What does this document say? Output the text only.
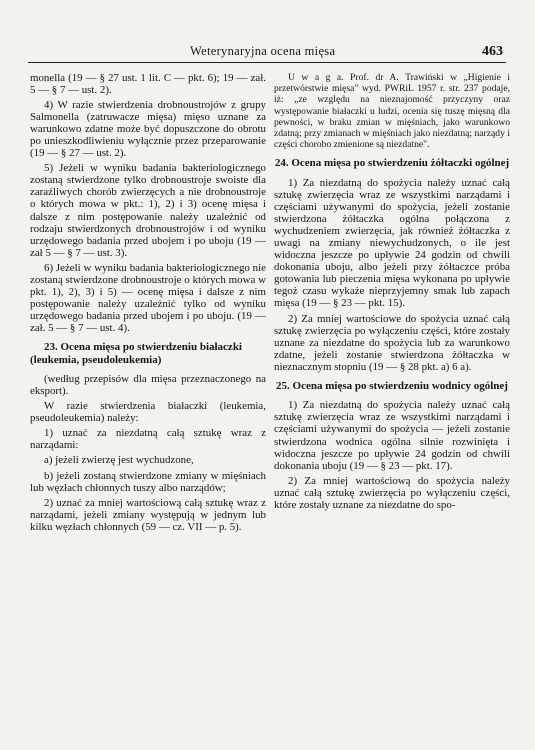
Weterynaryjna ocena mięsa	463

monella (19 — § 27 ust. 1 lit. C — pkt. 6); 19 — zał. 5 — § 7 — ust. 2).

4) W razie stwierdzenia drobnoustrojów z grupy Salmonella (zatruwacze mięsa) mięso uznane za warunkowo zdatne może być dopuszczone do obrotu po unieszkodliwieniu wyłącznie przez przeparowanie (19 — § 27 — ust. 2).

5) Jeżeli w wyniku badania bakteriologicznego zostaną stwierdzone tylko drobnoustroje swoiste dla zaraźliwych chorób zwierzęcych a nie drobnoustroje o których mowa w pkt.: 1), 2) i 3) ocenę mięsa i dalsze z nim postępowanie należy uzależnić od rodzaju stwierdzonych drobnoustrojów i od wyniku urzędowego badania przed ubojem i po uboju (19 — zał 5 — § 7 — ust. 3).

6) Jeżeli w wyniku badania bakteriologicznego nie zostaną stwierdzone drobnoustroje o których mowa w pkt. 1), 2), 3) i 5) — ocenę mięsa i dalsze z nim postępowanie należy uzależnić tylko od wyniku urzędowego badania przed ubojem i po uboju. (19 — zał. 5 — § 7 — ust. 4).

23. Ocena mięsa po stwierdzeniu białaczki (leukemia, pseudoleukemia)

(według przepisów dla mięsa przeznaczonego na eksport).

W razie stwierdzenia białaczki (leukemia, pseudoleukemia) należy:

1) uznać za niezdatną całą sztukę wraz z narządami:

a) jeżeli zwierzę jest wychudzone,

b) jeżeli zostaną stwierdzone zmiany w mięśniach lub węzłach chłonnych tuszy albo narządów;

2) uznać za mniej wartościową całą sztukę wraz z narządami, jeżeli zmiany występują w jednym lub kilku węzłach chłonnych (59 — cz. VII — p. 5).

U w a g a. Prof. dr A. Trawiński w „Higienie i przetwórstwie mięsa" wyd. PWRiL 1957 r. str. 237 podaje, iż: „ze względu na nieznajomość przyczyny oraz występowanie białaczki u ludzi, ocenia się tuszę mięsną dla pewności, w braku zmian w mięśniach, jako warunkowo zdatną; przy zmianach w mięśniach jako niezdatną; narządy i części chorobo zmienione są niezdatne".

24. Ocena mięsa po stwierdzeniu żółtaczki ogólnej

1) Za niezdatną do spożycia należy uznać całą sztukę zwierzęcia wraz ze wszystkimi narządami i częściami używanymi do spożycia, jeżeli zostanie stwierdzona żółtaczka ogólna połączona z wychudzeniem zwierzęcia, jak również żółtaczka z uwagi na zmiany niewychudzonych, o ile jest widoczna jeszcze po upływie 24 godzin od chwili dokonania uboju, albo jeżeli przy żółtaczce próba gotowania lub pieczenia mięsa wykonana po upływie tegoż czasu wykaże nieprzyjemny smak lub zapach mięsa (19 — § 23 — pkt. 15).

2) Za mniej wartościowe do spożycia uznać całą sztukę zwierzęcia po wyłączeniu części, które zostały uznane za niezdatne do spożycia lub za warunkowo zdatne, jeżeli zostanie stwierdzona żółtaczka w nieznacznym stopniu (19 — § 28 pkt. a) 6 a).

25. Ocena mięsa po stwierdzeniu wodnicy ogólnej

1) Za niezdatną do spożycia należy uznać całą sztukę zwierzęcia wraz ze wszystkimi narządami i częściami używanymi do spożycia — jeżeli zostanie stwierdzona wodnica ogólna silnie rozwinięta i widoczna jeszcze po upływie 24 godzin od chwili dokonania uboju (19 — § 23 — pkt. 17).

2) Za mniej wartościową do spożycia należy uznać całą sztukę zwierzęcia po wyłączeniu części, które zostały uznane za niezdatne do spo-
